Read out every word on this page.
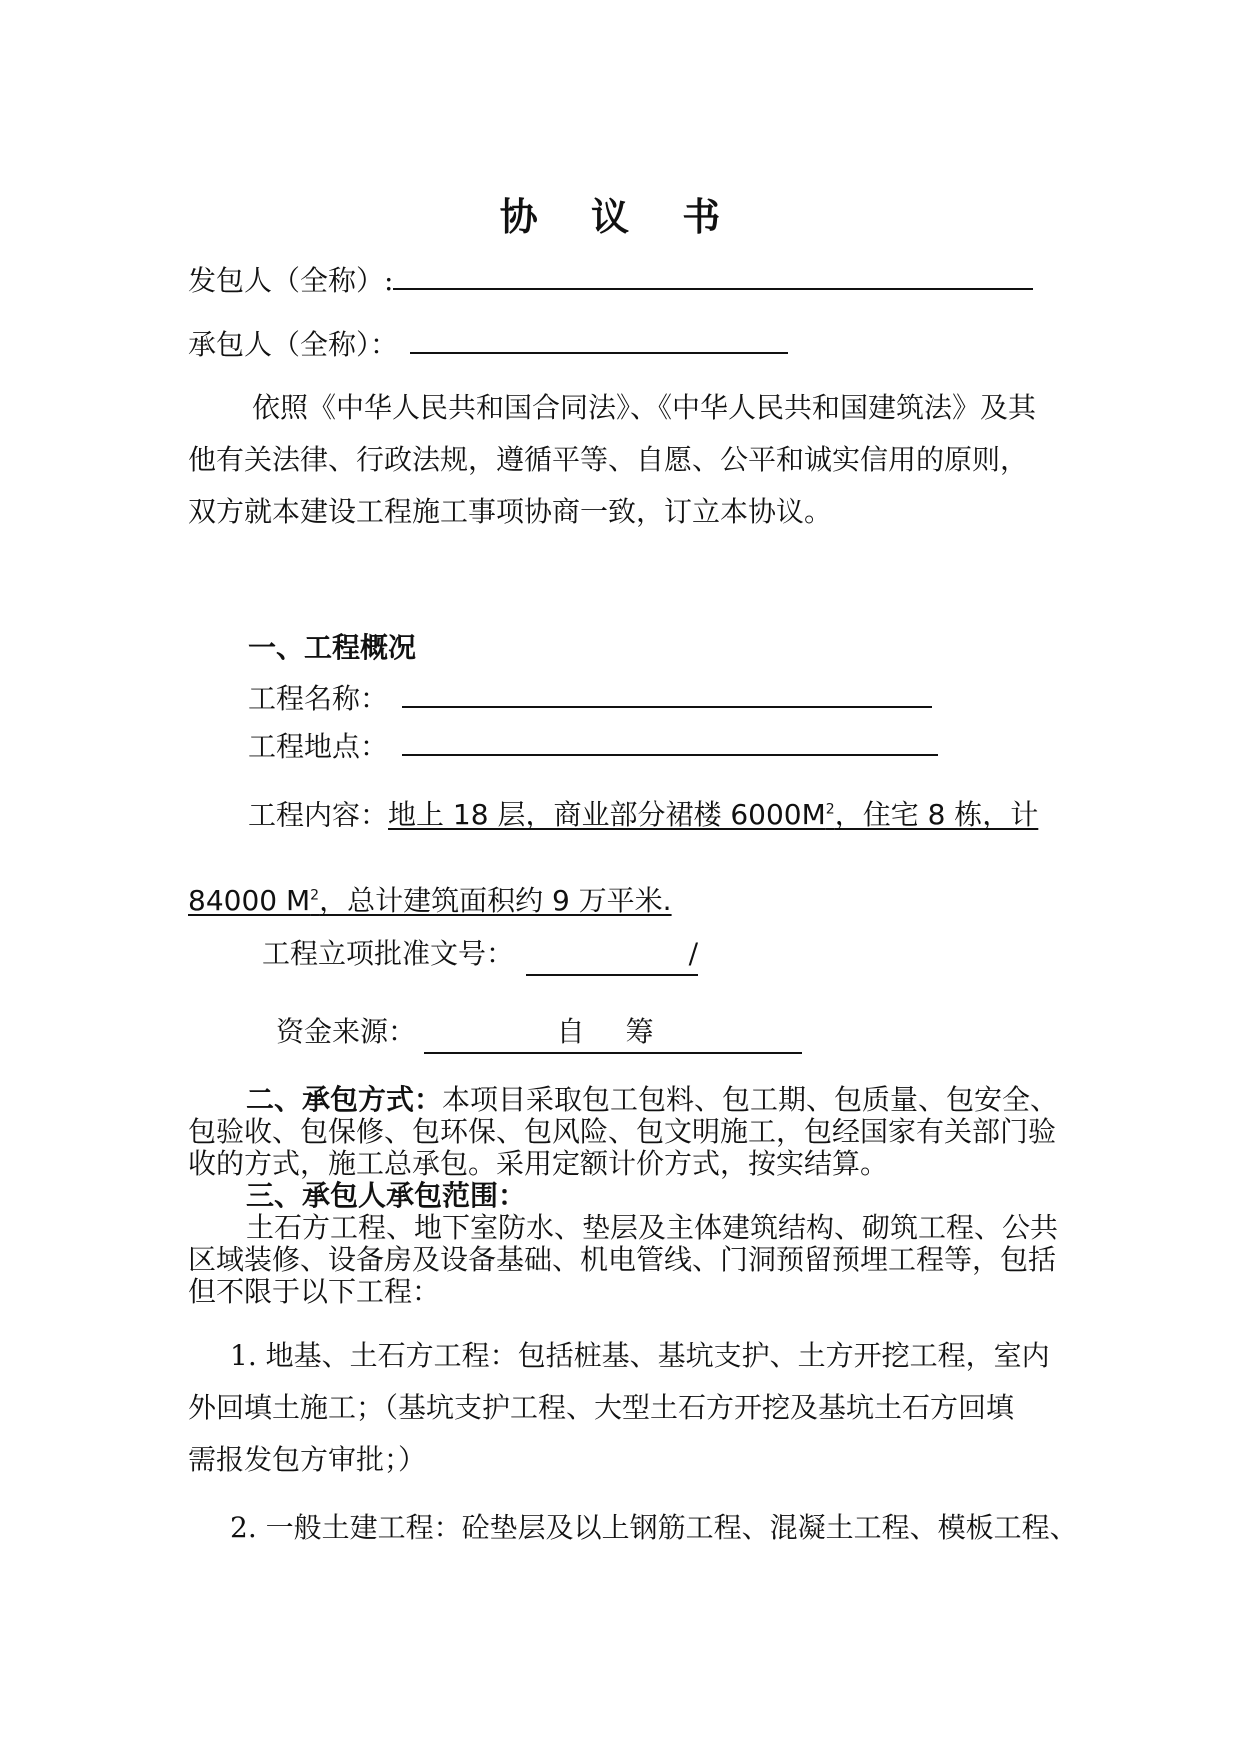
协 议 书
发包人（全称）:
承包人（全称）：
依照《中华人民共和国合同法》、《中华人民共和国建筑法》及其
他有关法律、行政法规，遵循平等、自愿、公平和诚实信用的原则，
双方就本建设工程施工事项协商一致，订立本协议。
一、工程概况
工程名称：
工程地点：
工程内容：地上 18 层，商业部分裙楼 $6000M^2$，住宅 8 栋，计
84000 $M^2$，总计建筑面积约 9 万平米.
工程立项批准文号：	/
资金来源：	自 筹
二、承包方式：本项目采取包工包料、包工期、包质量、包安全、
包验收、包保修、包环保、包风险、包文明施工，包经国家有关部门验
收的方式，施工总承包。采用定额计价方式，按实结算。
三、承包人承包范围：
土石方工程、地下室防水、垫层及主体建筑结构、砌筑工程、公共
区域装修、设备房及设备基础、机电管线、门洞预留预埋工程等，包括
但不限于以下工程：
1. 地基、土石方工程：包括桩基、基坑支护、土方开挖工程，室内
外回填土施工；（基坑支护工程、大型土石方开挖及基坑土石方回填
需报发包方审批；）
2. 一般土建工程：砼垫层及以上钢筋工程、混凝土工程、模板工程、
